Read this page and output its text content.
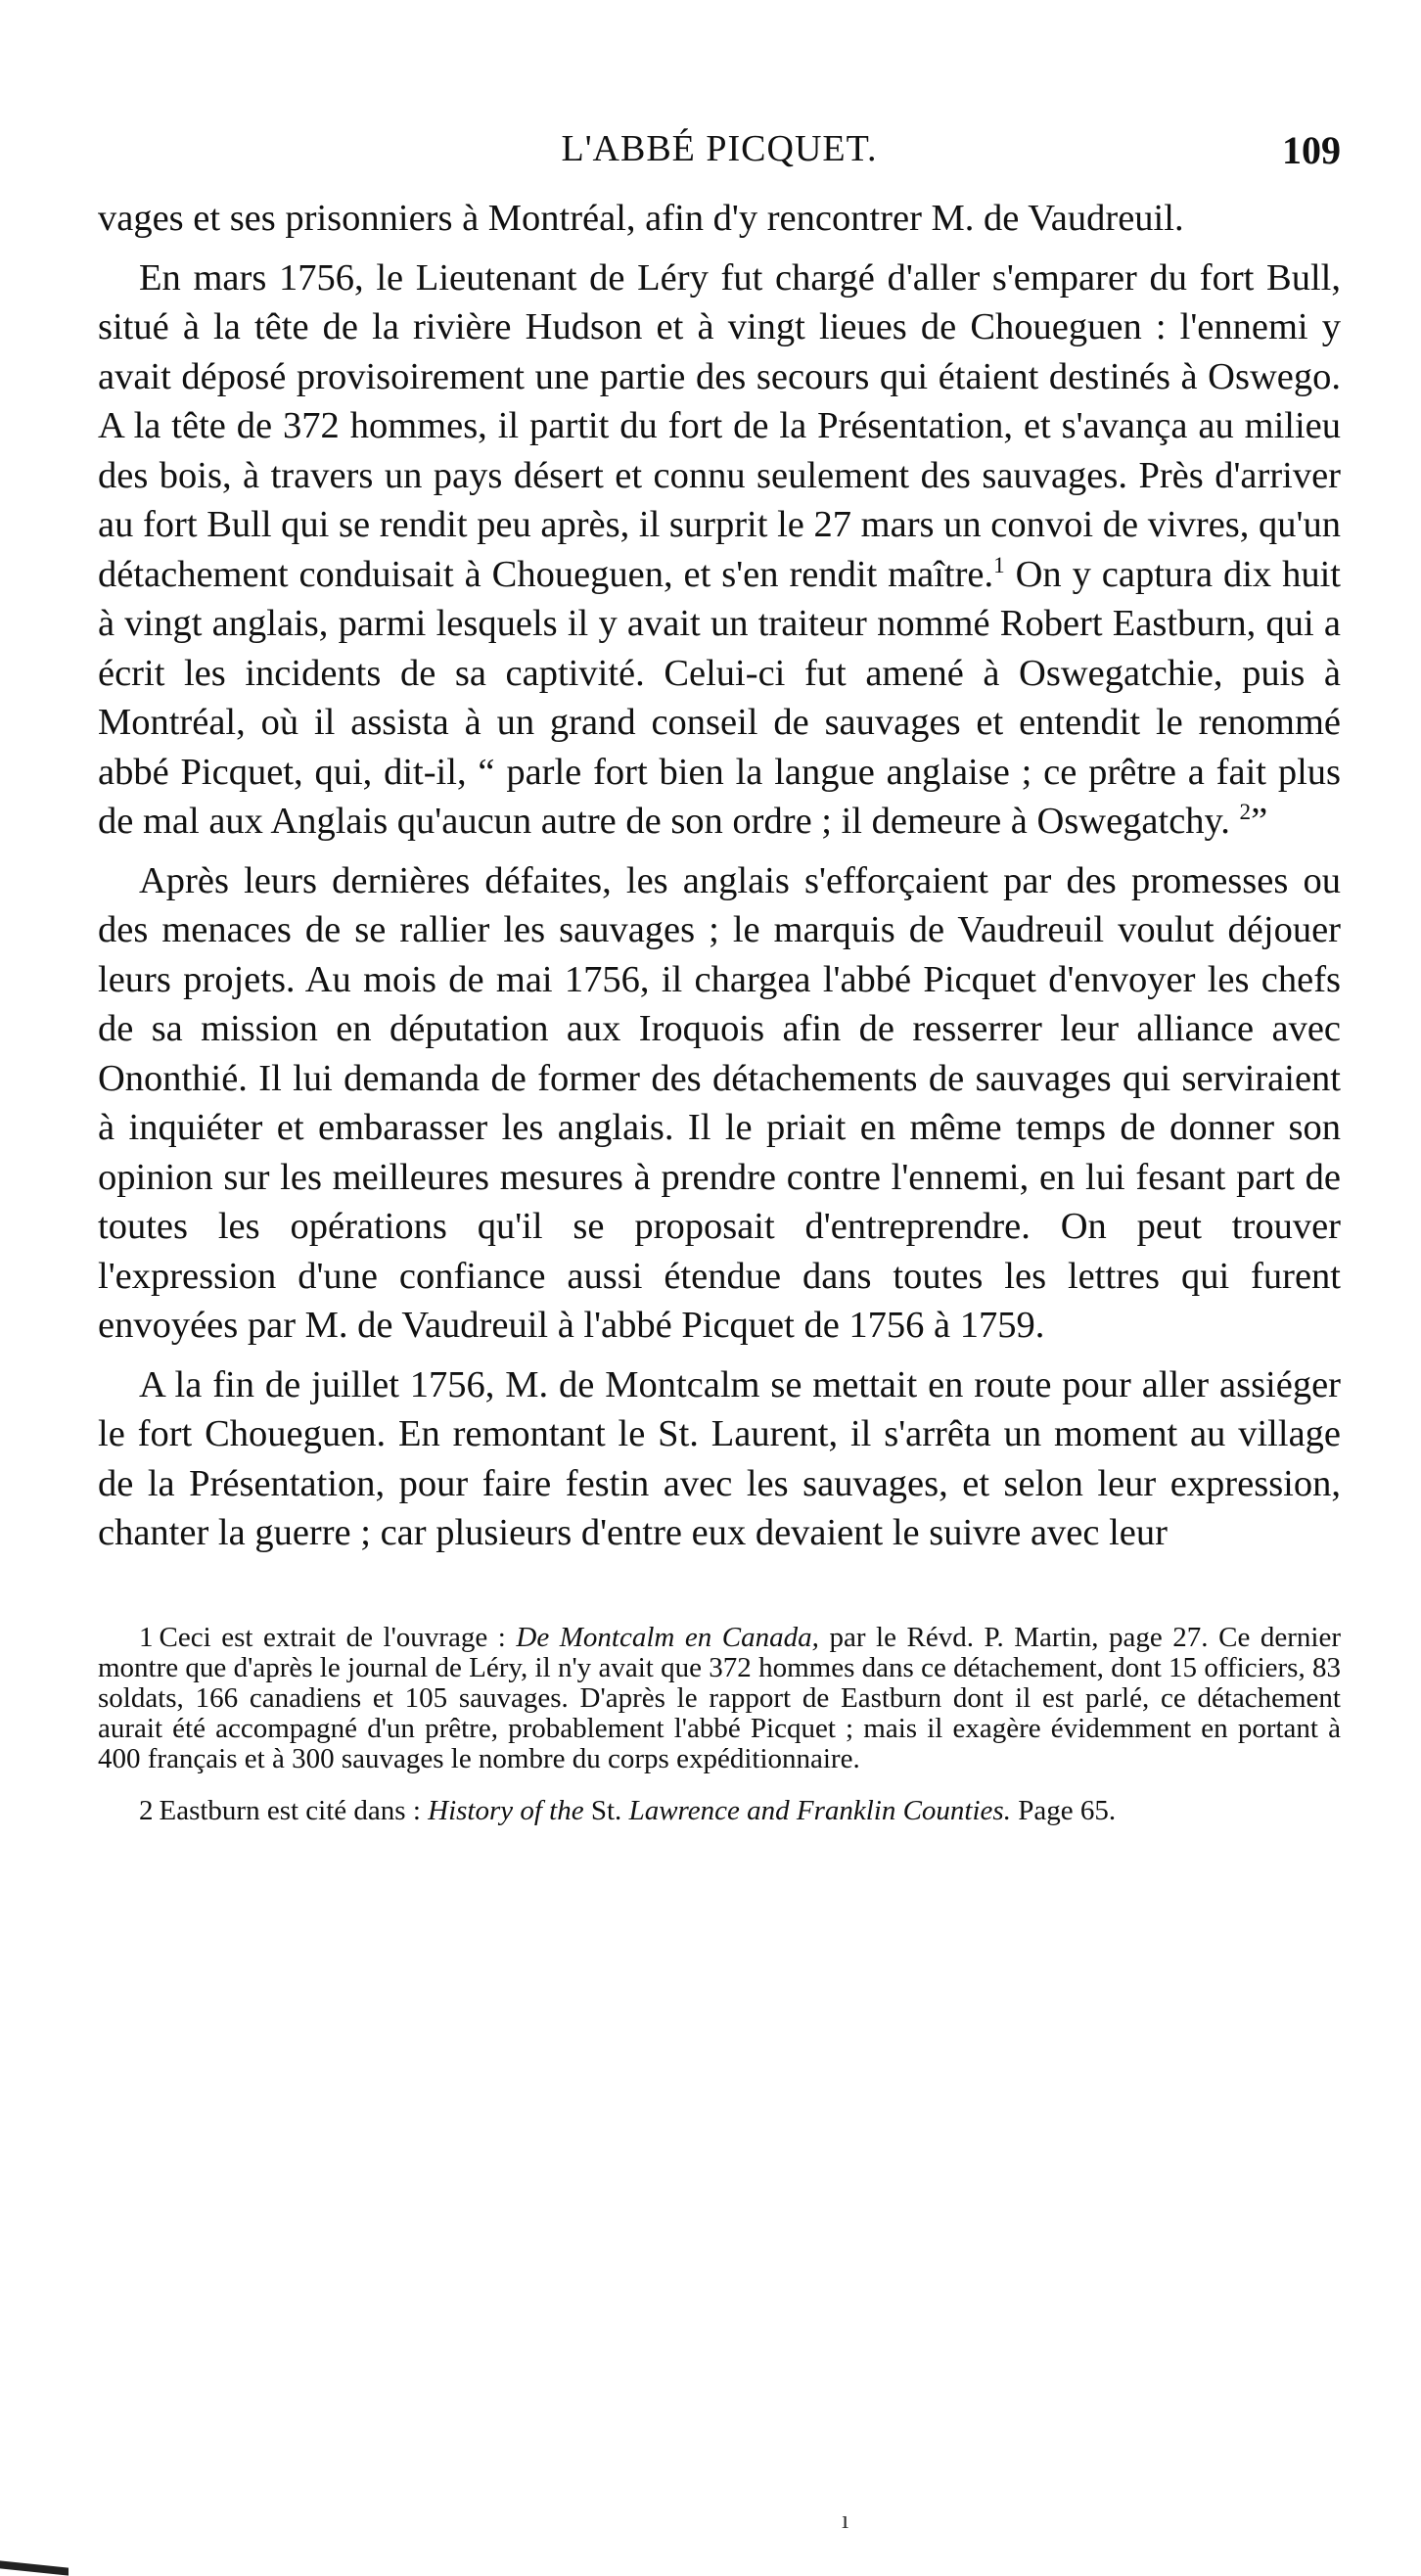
L'ABBÉ PICQUET.	109

vages et ses prisonniers à Montréal, afin d'y rencontrer M. de Vaudreuil.

En mars 1756, le Lieutenant de Léry fut chargé d'aller s'emparer du fort Bull, situé à la tête de la rivière Hudson et à vingt lieues de Choueguen : l'ennemi y avait déposé provisoirement une partie des secours qui étaient destinés à Oswego. A la tête de 372 hommes, il partit du fort de la Présentation, et s'avança au milieu des bois, à travers un pays désert et connu seulement des sauvages. Près d'arriver au fort Bull qui se rendit peu après, il surprit le 27 mars un convoi de vivres, qu'un détachement conduisait à Choueguen, et s'en rendit maître.$^1$ On y captura dix huit à vingt anglais, parmi lesquels il y avait un traiteur nommé Robert Eastburn, qui a écrit les incidents de sa captivité. Celui-ci fut amené à Oswegatchie, puis à Montréal, où il assista à un grand conseil de sauvages et entendit le renommé abbé Picquet, qui, dit-il, “ parle fort bien la langue anglaise ; ce prêtre a fait plus de mal aux Anglais qu'aucun autre de son ordre ; il demeure à Oswegatchy. $^2$”

Après leurs dernières défaites, les anglais s'efforçaient par des promesses ou des menaces de se rallier les sauvages ; le marquis de Vaudreuil voulut déjouer leurs projets. Au mois de mai 1756, il chargea l'abbé Picquet d'envoyer les chefs de sa mission en députation aux Iroquois afin de resserrer leur alliance avec Ononthié. Il lui demanda de former des détachements de sauvages qui serviraient à inquiéter et embarasser les anglais. Il le priait en même temps de donner son opinion sur les meilleures mesures à prendre contre l'ennemi, en lui fesant part de toutes les opérations qu'il se proposait d'entreprendre. On peut trouver l'expression d'une confiance aussi étendue dans toutes les lettres qui furent envoyées par M. de Vaudreuil à l'abbé Picquet de 1756 à 1759.

A la fin de juillet 1756, M. de Montcalm se mettait en route pour aller assiéger le fort Choueguen. En remontant le St. Laurent, il s'arrêta un moment au village de la Présentation, pour faire festin avec les sauvages, et selon leur expression, chanter la guerre ; car plusieurs d'entre eux devaient le suivre avec leur

1 Ceci est extrait de l'ouvrage : De Montcalm en Canada, par le Révd. P. Martin, page 27. Ce dernier montre que d'après le journal de Léry, il n'y avait que 372 hommes dans ce détachement, dont 15 officiers, 83 soldats, 166 canadiens et 105 sauvages. D'après le rapport de Eastburn dont il est parlé, ce détachement aurait été accompagné d'un prêtre, probablement l'abbé Picquet ; mais il exagère évidemment en portant à 400 français et à 300 sauvages le nombre du corps expéditionnaire.

2 Eastburn est cité dans : History of the St. Lawrence and Franklin Counties. Page 65.

ı
